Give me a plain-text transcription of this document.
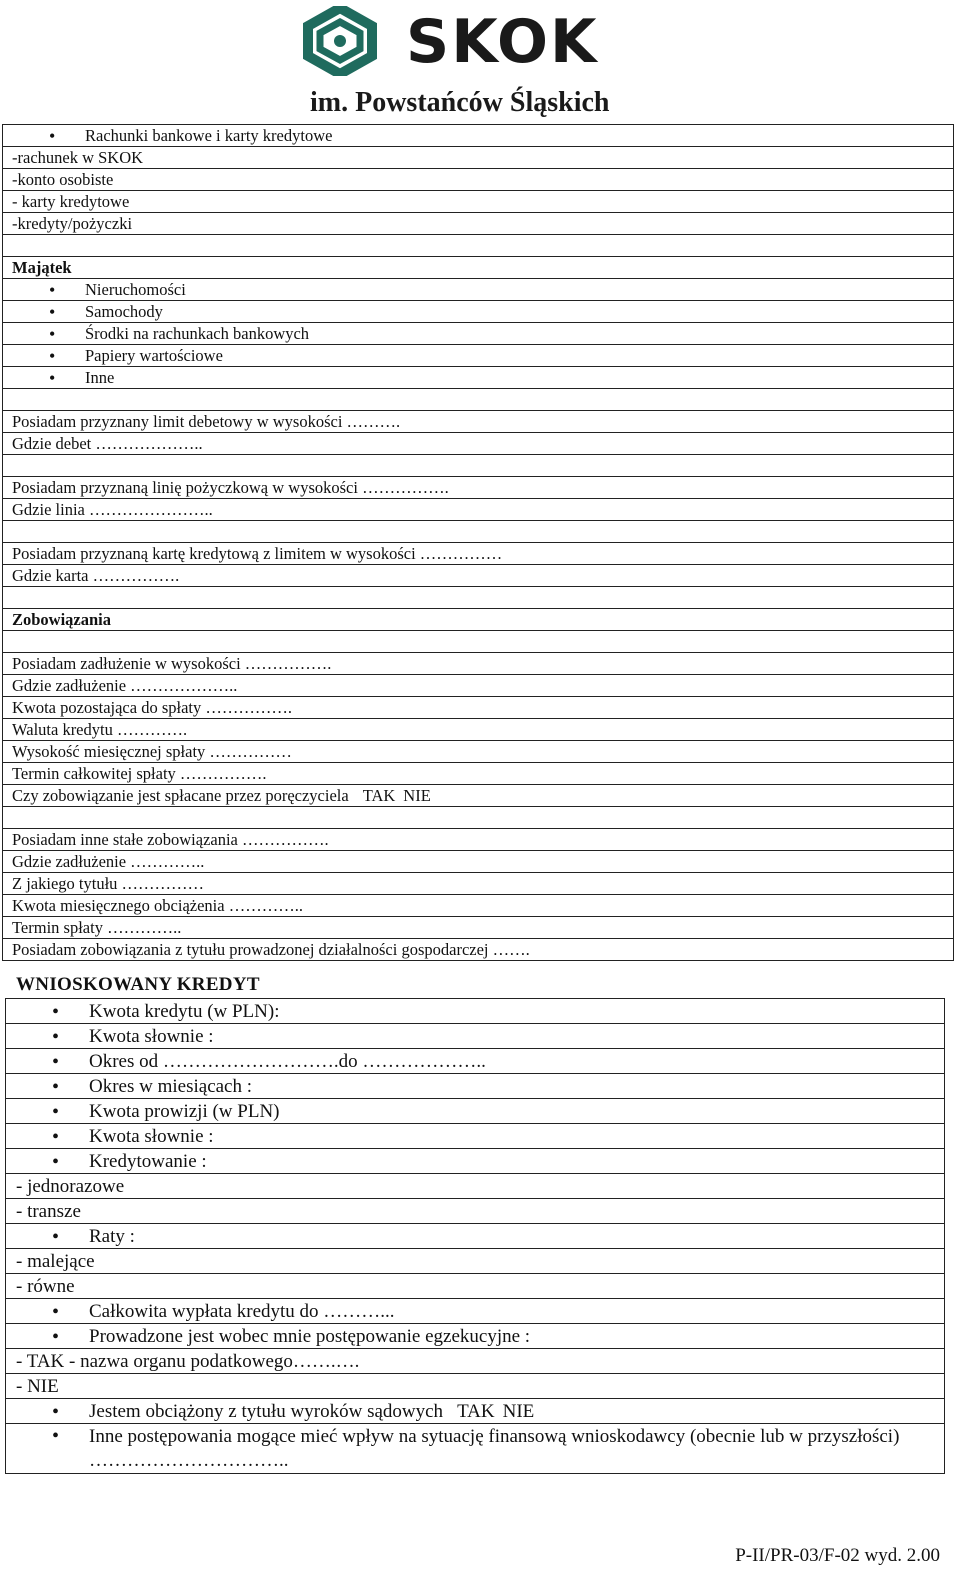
SKOK
im. Powstańców Śląskich
• Rachunki bankowe i karty kredytowe
-rachunek w SKOK
-konto osobiste
- karty kredytowe
-kredyty/pożyczki
Majątek
• Nieruchomości
• Samochody
• Środki na rachunkach bankowych
• Papiery wartościowe
• Inne
Posiadam przyznany limit debetowy w wysokości ……….
Gdzie debet ………………..
Posiadam przyznaną linię pożyczkową w wysokości …………….
Gdzie linia …………………..
Posiadam przyznaną kartę kredytową z limitem w wysokości ……………
Gdzie karta …………….
Zobowiązania
Posiadam zadłużenie w wysokości …………….
Gdzie zadłużenie ………………..
Kwota pozostająca do spłaty …………….
Waluta kredytu ………….
Wysokość miesięcznej spłaty ……………
Termin całkowitej spłaty …………….
Czy zobowiązanie jest spłacane przez poręczyciela TAK NIE
Posiadam inne stałe zobowiązania …………….
Gdzie zadłużenie …………..
Z jakiego tytułu ……………
Kwota miesięcznego obciążenia …………..
Termin spłaty …………..
Posiadam zobowiązania z tytułu prowadzonej działalności gospodarczej …….
WNIOSKOWANY KREDYT
• Kwota kredytu (w PLN):
• Kwota słownie :
• Okres od ……………………….do ………………..
• Okres w miesiącach :
• Kwota prowizji (w PLN)
• Kwota słownie :
• Kredytowanie :
- jednorazowe
- transze
• Raty :
- malejące
- równe
• Całkowita wypłata kredytu do ………...
• Prowadzone jest wobec mnie postępowanie egzekucyjne :
- TAK - nazwa organu podatkowego…….….
- NIE
• Jestem obciążony z tytułu wyroków sądowych TAK NIE
• Inne postępowania mogące mieć wpływ na sytuację finansową wnioskodawcy (obecnie lub w przyszłości) …………………………..
P-II/PR-03/F-02 wyd. 2.00
